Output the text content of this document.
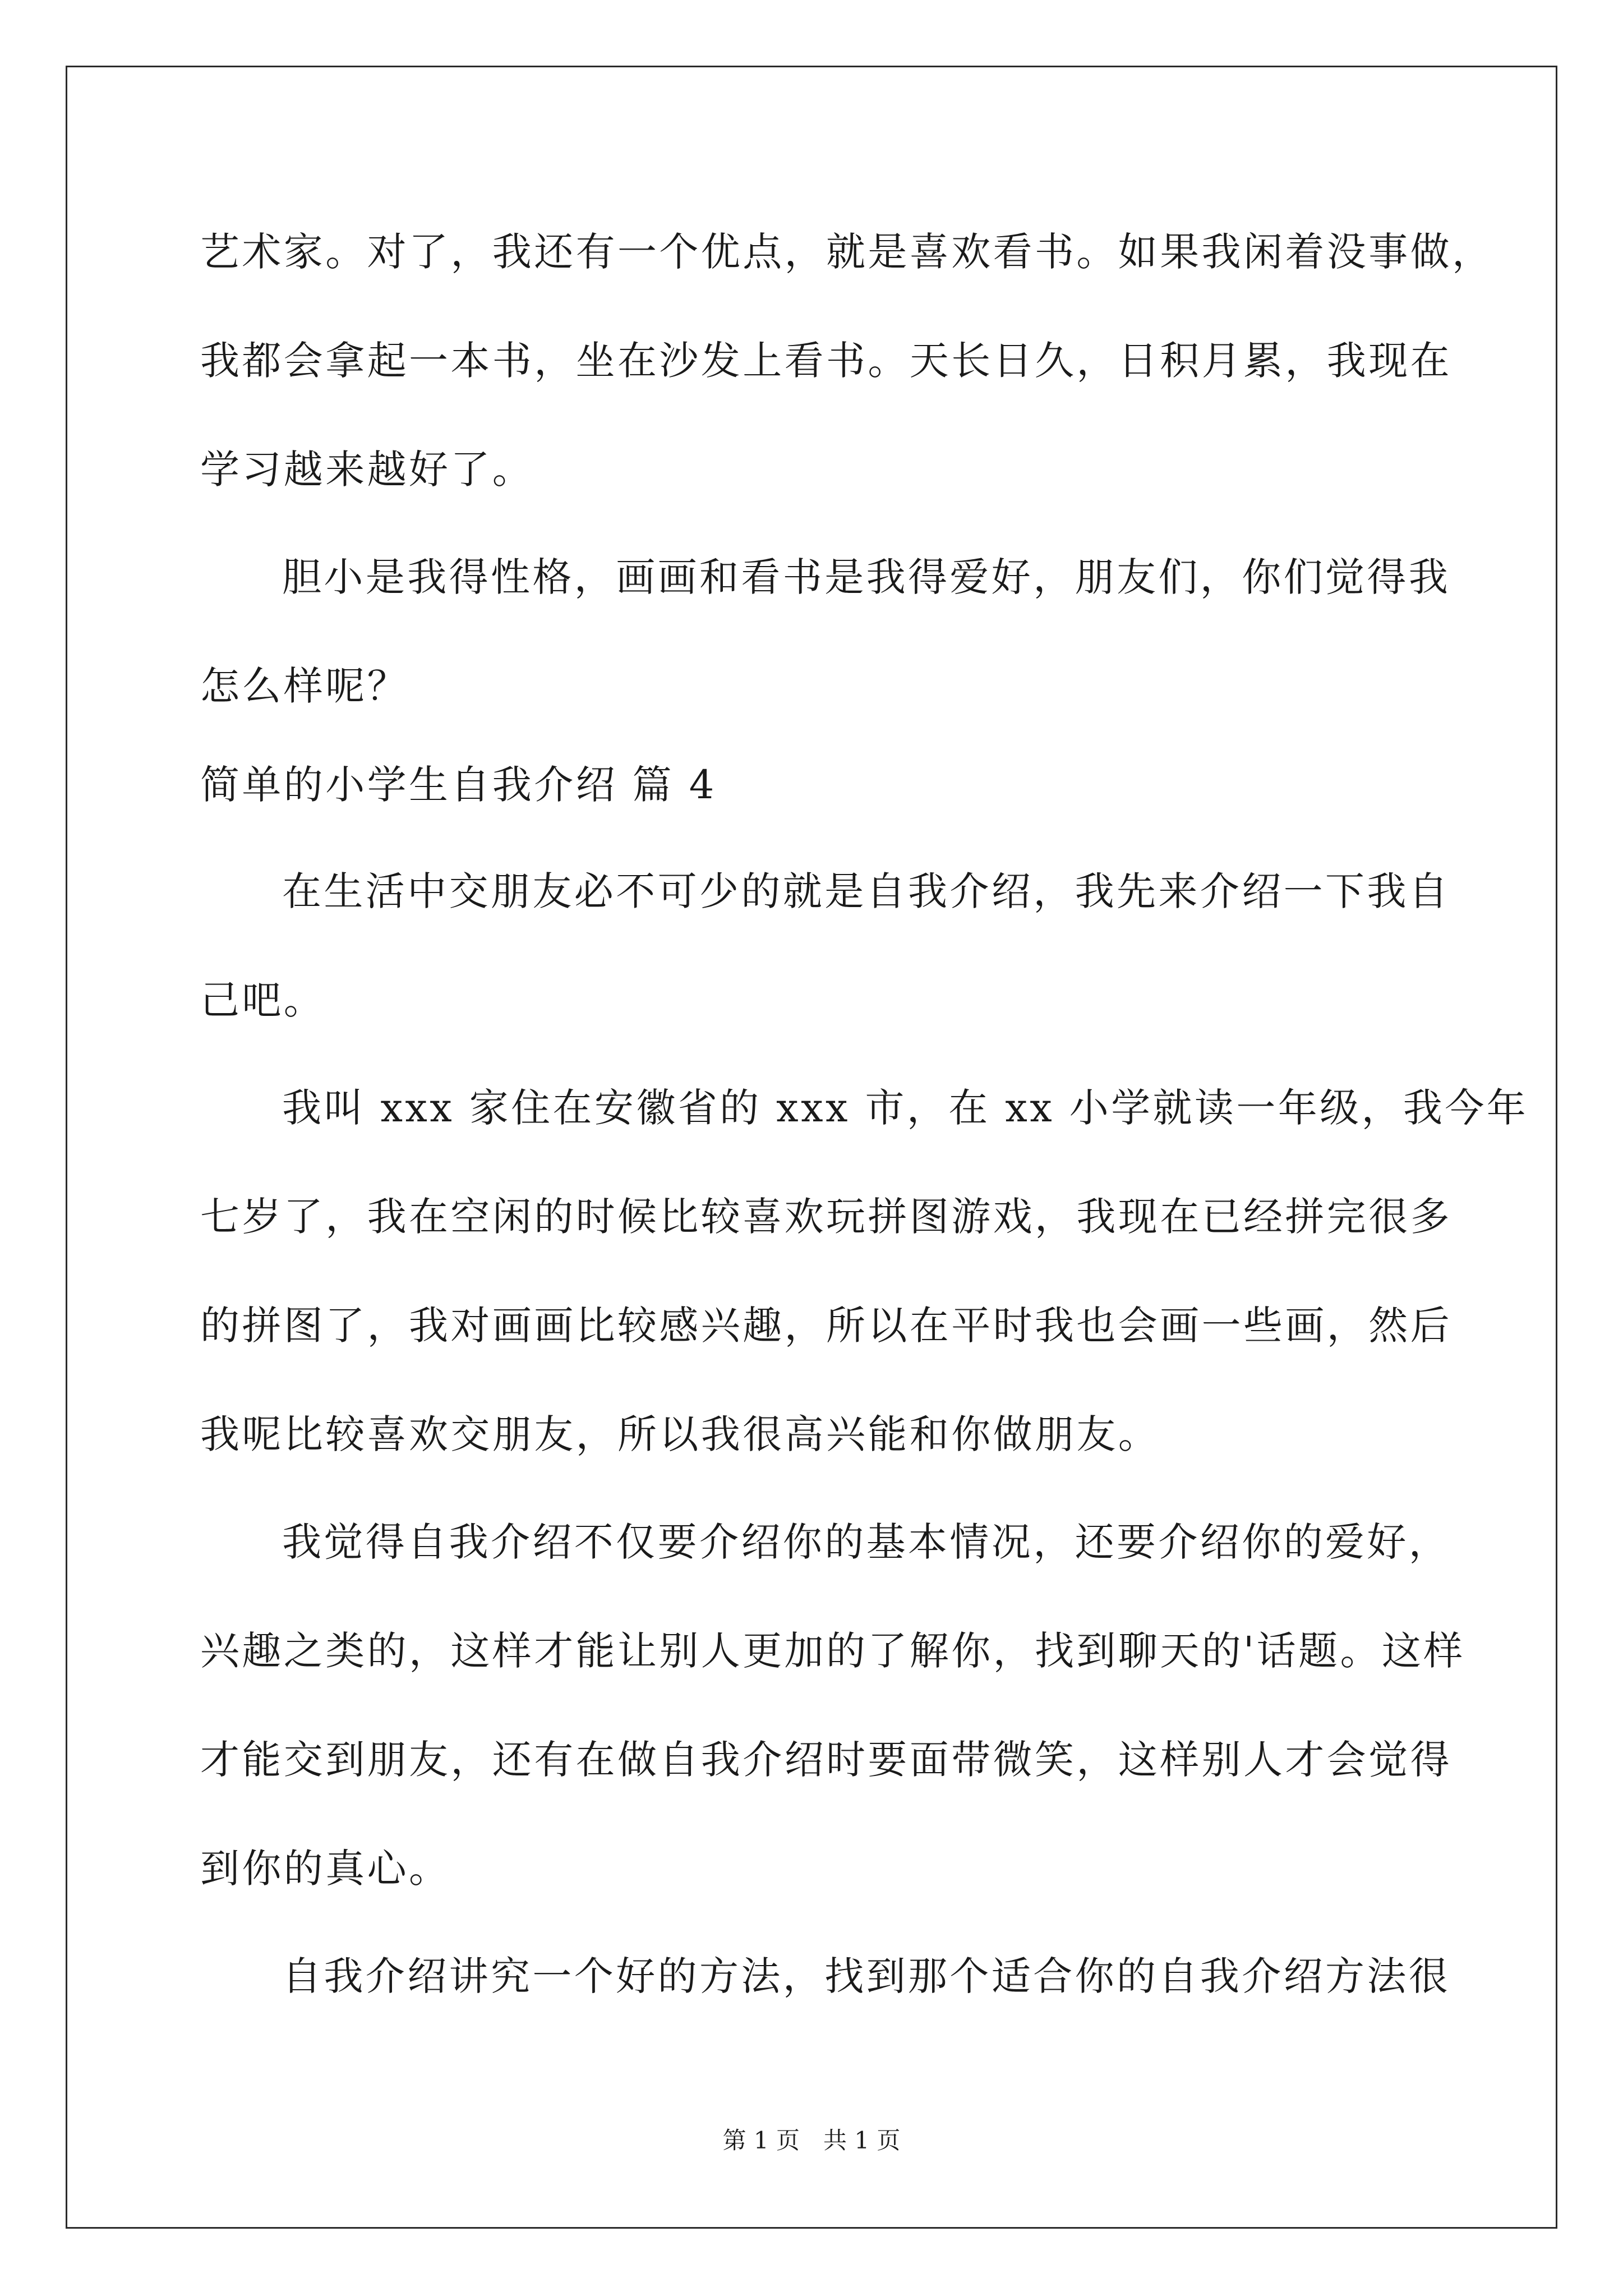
艺术家。对了，我还有一个优点，就是喜欢看书。如果我闲着没事做，

我都会拿起一本书，坐在沙发上看书。天长日久，日积月累，我现在

学习越来越好了。

胆小是我得性格，画画和看书是我得爱好，朋友们，你们觉得我

怎么样呢？

简单的小学生自我介绍 篇 4

在生活中交朋友必不可少的就是自我介绍，我先来介绍一下我自

己吧。

我叫 xxx 家住在安徽省的 xxx 市，在 xx 小学就读一年级，我今年

七岁了，我在空闲的时候比较喜欢玩拼图游戏，我现在已经拼完很多

的拼图了，我对画画比较感兴趣，所以在平时我也会画一些画，然后

我呢比较喜欢交朋友，所以我很高兴能和你做朋友。

我觉得自我介绍不仅要介绍你的基本情况，还要介绍你的爱好，

兴趣之类的，这样才能让别人更加的了解你，找到聊天的'话题。这样

才能交到朋友，还有在做自我介绍时要面带微笑，这样别人才会觉得

到你的真心。

自我介绍讲究一个好的方法，找到那个适合你的自我介绍方法很

第 1 页　共 1 页
